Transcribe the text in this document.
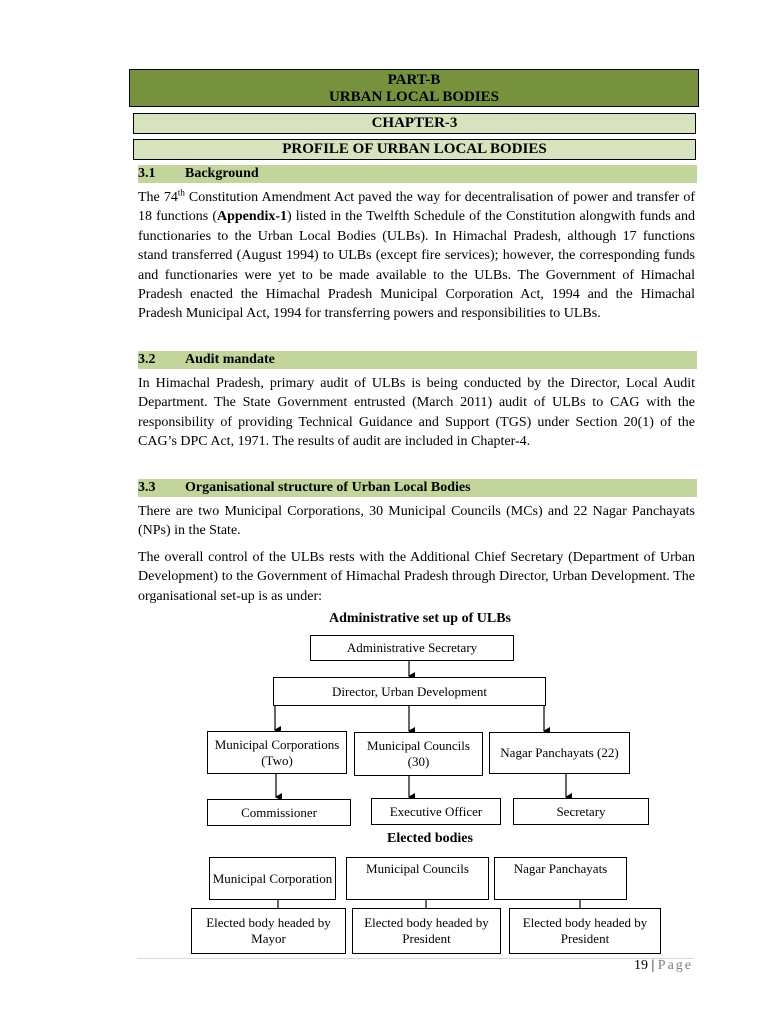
PART-B
URBAN LOCAL BODIES
CHAPTER-3
PROFILE OF URBAN LOCAL BODIES
3.1 Background
The 74th Constitution Amendment Act paved the way for decentralisation of power and transfer of 18 functions (Appendix-1) listed in the Twelfth Schedule of the Constitution alongwith funds and functionaries to the Urban Local Bodies (ULBs). In Himachal Pradesh, although 17 functions stand transferred (August 1994) to ULBs (except fire services); however, the corresponding funds and functionaries were yet to be made available to the ULBs. The Government of Himachal Pradesh enacted the Himachal Pradesh Municipal Corporation Act, 1994 and the Himachal Pradesh Municipal Act, 1994 for transferring powers and responsibilities to ULBs.
3.2 Audit mandate
In Himachal Pradesh, primary audit of ULBs is being conducted by the Director, Local Audit Department. The State Government entrusted (March 2011) audit of ULBs to CAG with the responsibility of providing Technical Guidance and Support (TGS) under Section 20(1) of the CAG’s DPC Act, 1971. The results of audit are included in Chapter-4.
3.3 Organisational structure of Urban Local Bodies
There are two Municipal Corporations, 30 Municipal Councils (MCs) and 22 Nagar Panchayats (NPs) in the State.
The overall control of the ULBs rests with the Additional Chief Secretary (Department of Urban Development) to the Government of Himachal Pradesh through Director, Urban Development. The organisational set-up is as under:
Administrative set up of ULBs
Administrative Secretary
Director, Urban Development
Municipal Corporations (Two)
Municipal Councils (30)
Nagar Panchayats (22)
Commissioner	Executive Officer	Secretary
Elected bodies
Municipal Corporation
Municipal Councils	Nagar Panchayats
Elected body headed by Mayor
Elected body headed by President
Elected body headed by President
19 | Page
